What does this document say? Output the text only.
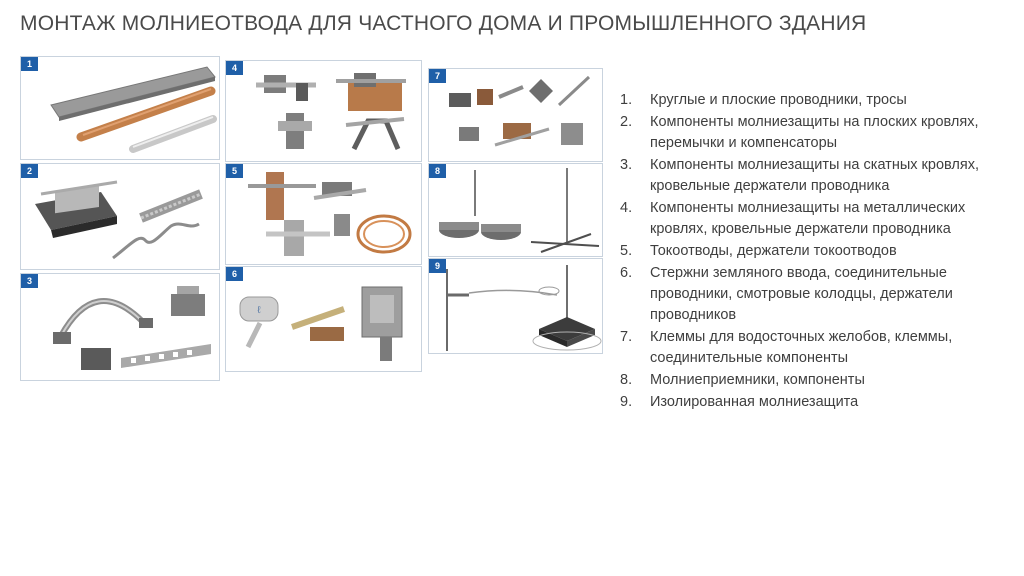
МОНТАЖ МОЛНИЕОТВОДА ДЛЯ ЧАСТНОГО ДОМА И ПРОМЫШЛЕННОГО ЗДАНИЯ
1
2
3
4
5
6
ℓ
7
8
9
1. Круглые и плоские проводники, тросы
2. Компоненты молниезащиты на плоских кровлях, перемычки и компенсаторы
3. Компоненты молниезащиты на скатных кровлях, кровельные держатели проводника
4. Компоненты молниезащиты на металлических кровлях, кровельные держатели проводника
5. Токоотводы, держатели токоотводов
6. Стержни земляного ввода, соединительные проводники, смотровые колодцы, держатели проводников
7. Клеммы для водосточных желобов, клеммы, соединительные компоненты
8. Молниеприемники, компоненты
9. Изолированная молниезащита
